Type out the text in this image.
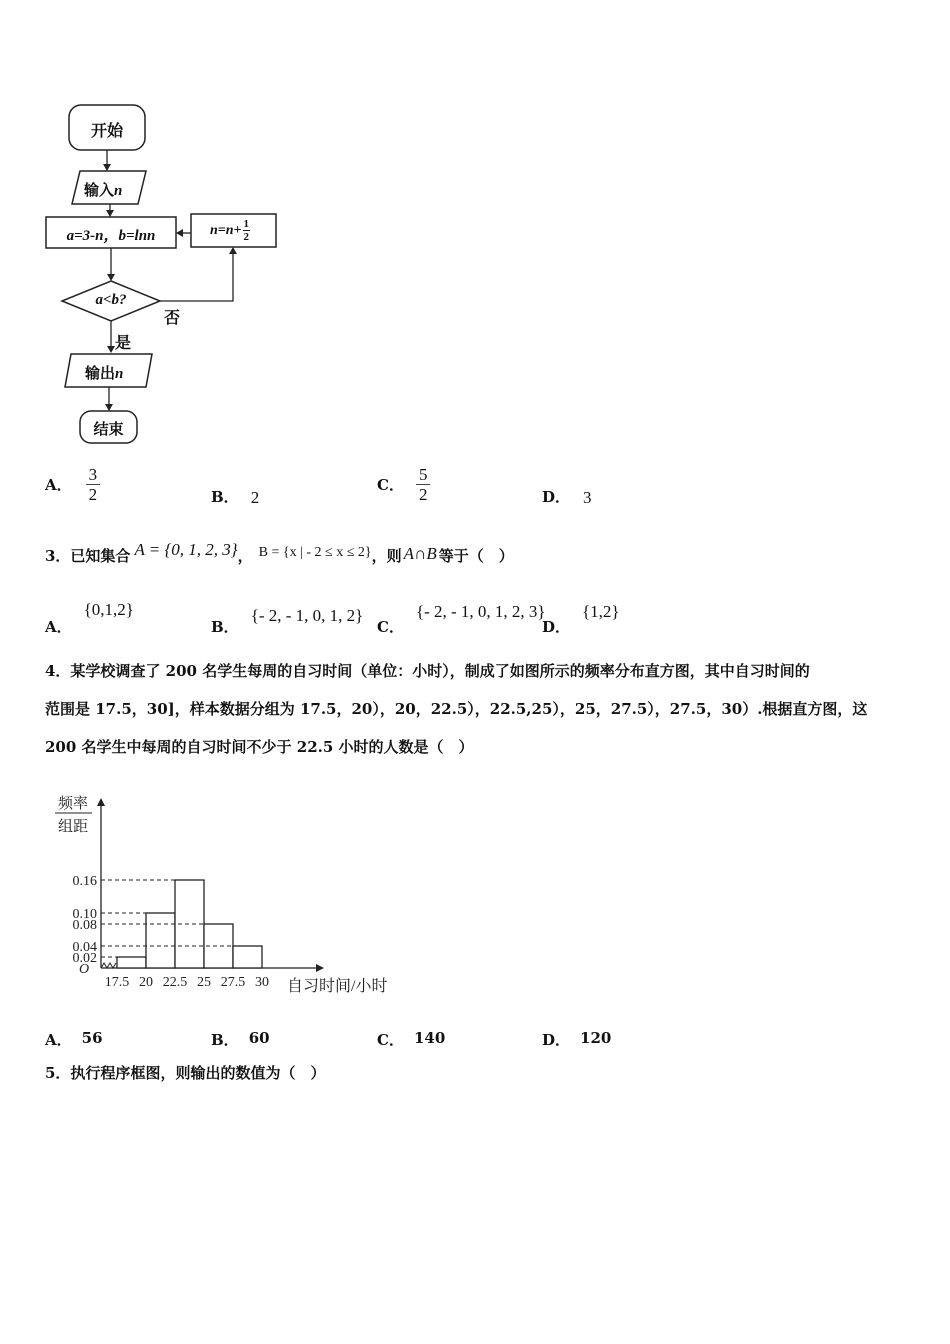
开始
输入n
a=3-n，b=lnn	$n=n+ \frac{1}{2}$
a<b?
否
是
输出n
结束
A． $\frac{3}{2}$	B． 2
C． $\frac{5}{2}$	D． 3
3．已知集合 A = {0, 1, 2, 3} ， B = {x | - 2 ≤ x ≤ 2} ，则 A∩B 等于（　）
A．
{0,1,2}
B．
{- 2, - 1, 0, 1, 2}
C．
{- 2, - 1, 0, 1, 2, 3}
D．
{1,2}
4．某学校调查了 200 名学生每周的自习时间（单位：小时），制成了如图所示的频率分布直方图，其中自习时间的
范围是 17.5，30]，样本数据分组为 17.5，20），20，22.5），22.5,25），25，27.5），27.5，30）.根据直方图，这
200 名学生中每周的自习时间不少于 22.5 小时的人数是（　）
0.02
0.04
0.08
0.10
0.16
O
17.5 20 22.5 25 27.5 30
频率
组距
自习时间/小时
A． 56	B． 60	C． 140	D． 120
5．执行程序框图，则输出的数值为（　）
